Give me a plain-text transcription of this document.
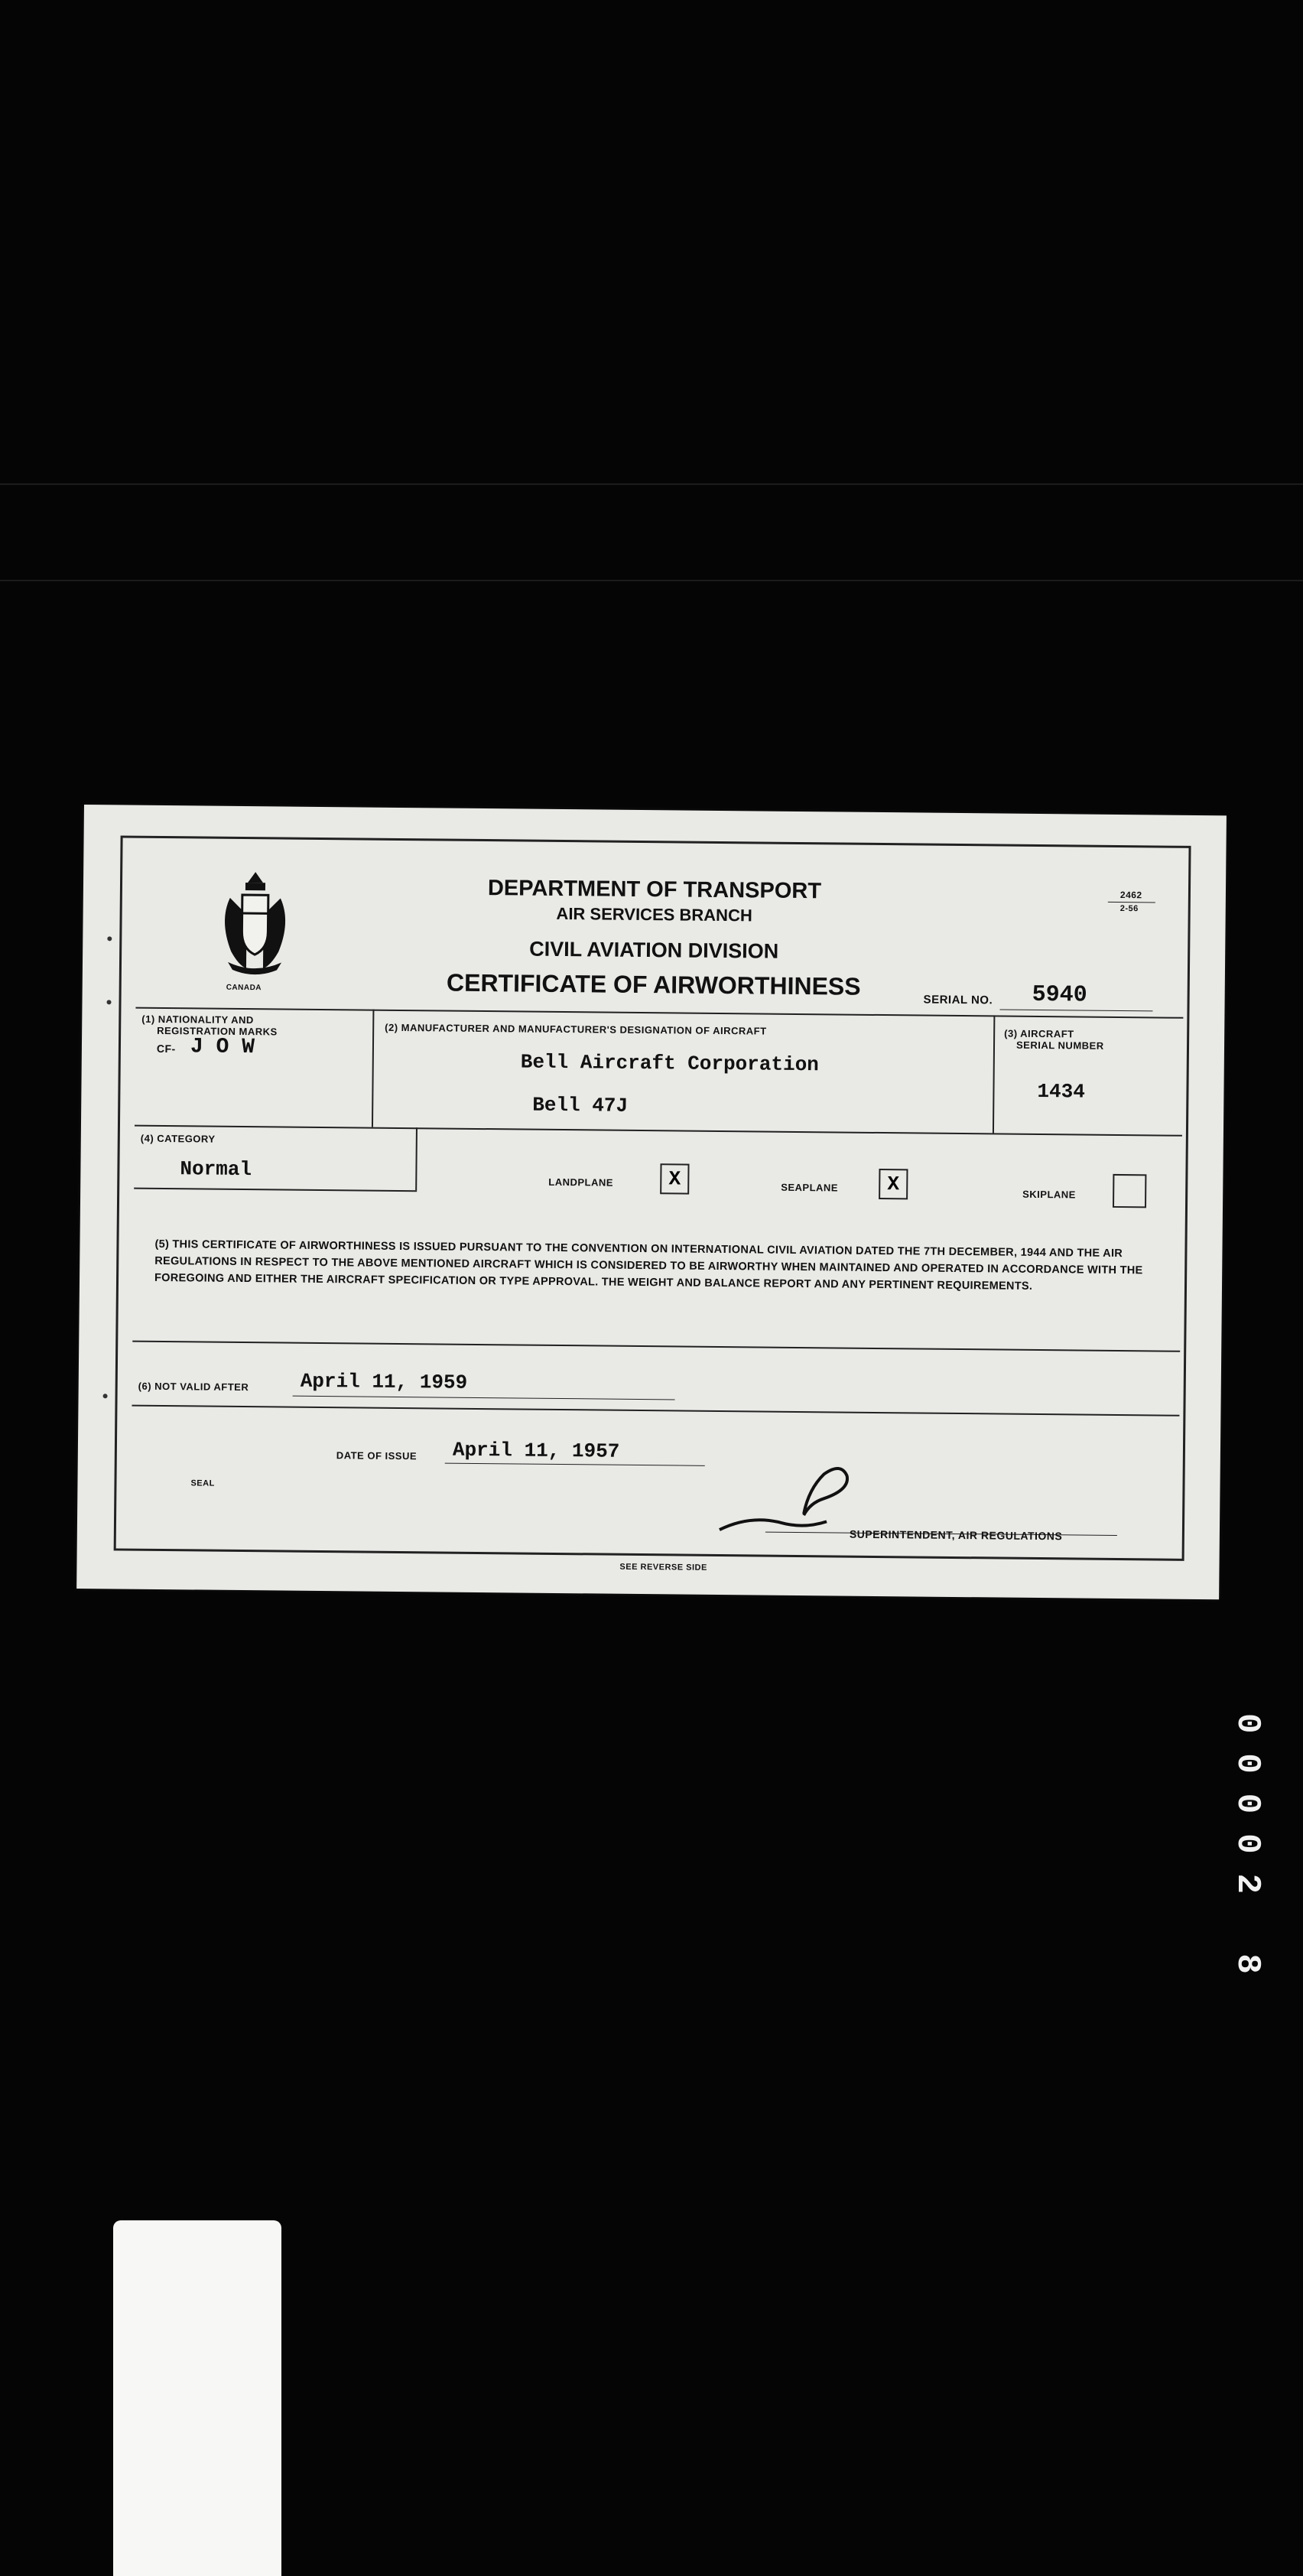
CANADA
2462
2-56
DEPARTMENT OF TRANSPORT
AIR SERVICES BRANCH
CIVIL AVIATION DIVISION
CERTIFICATE OF AIRWORTHINESS	SERIAL NO. 5940
(1) NATIONALITY AND
REGISTRATION MARKS
CF- J O W
(2) MANUFACTURER AND MANUFACTURER'S DESIGNATION OF AIRCRAFT
Bell Aircraft Corporation
Bell 47J
(3) AIRCRAFT
SERIAL NUMBER
1434
(4) CATEGORY
Normal
LANDPLANE	X	SEAPLANE	X	SKIPLANE
(5) THIS CERTIFICATE OF AIRWORTHINESS IS ISSUED PURSUANT TO THE CONVENTION ON INTERNATIONAL CIVIL AVIATION DATED THE 7TH DECEMBER, 1944 AND THE AIR REGULATIONS IN RESPECT TO THE ABOVE MENTIONED AIRCRAFT WHICH IS CONSIDERED TO BE AIRWORTHY WHEN MAINTAINED AND OPERATED IN ACCORDANCE WITH THE FOREGOING AND EITHER THE AIRCRAFT SPECIFICATION OR TYPE APPROVAL. THE WEIGHT AND BALANCE REPORT AND ANY PERTINENT REQUIREMENTS.
(6) NOT VALID AFTER	April 11, 1959
DATE OF ISSUE April 11, 1957
SEAL
SUPERINTENDENT, AIR REGULATIONS
SEE REVERSE SIDE
00002 8
